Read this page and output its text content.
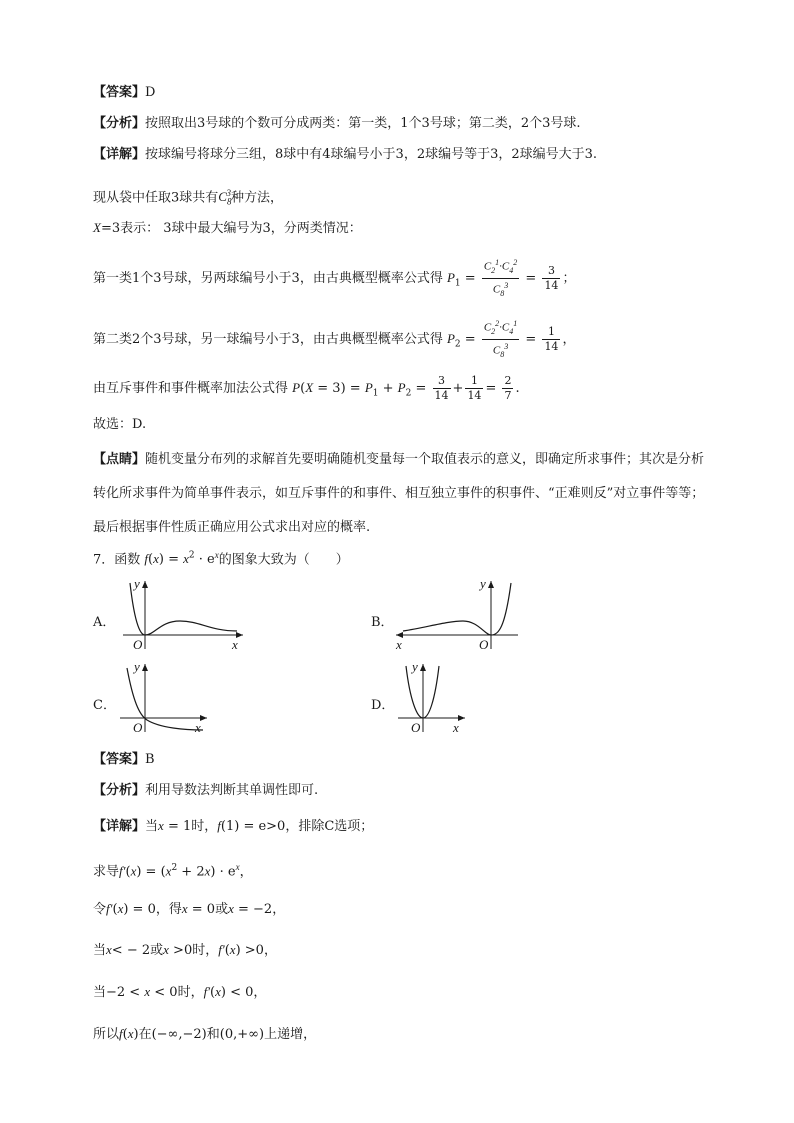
【答案】D
【分析】按照取出3号球的个数可分成两类：第一类，1个3号球；第二类，2个3号球.
【详解】按球编号将球分三组，8球中有4球编号小于3，2球编号等于3，2球编号大于3.
现从袋中任取3球共有$C_8^3$种方法，
X=3表示： 3球中最大编号为3，分两类情况：
第一类1个3号球，另两球编号小于3，由古典概型概率公式得 $P_1 = \frac{C_2^1\cdot C_4^2}{C_8^3} = \frac{3}{14}$ ；
第二类2个3号球，另一球编号小于3，由古典概型概率公式得 $P_2 = \frac{C_2^2\cdot C_4^1}{C_8^3} = \frac{1}{14}$ ，
由互斥事件和事件概率加法公式得 $P(X = 3) = P_1 + P_2 = \frac{3}{14} + \frac{1}{14} = \frac{2}{7}$ .
故选：D.
【点睛】随机变量分布列的求解首先要明确随机变量每一个取值表示的意义，即确定所求事件；其次是分析转化所求事件为简单事件表示，如互斥事件的和事件、相互独立事件的积事件、“正难则反”对立事件等等；最后根据事件性质正确应用公式求出对应的概率.
7．函数 $f(x) = x^2 \cdot e^x$的图象大致为（　　）
A．
y
O	x
B．
y
O
x
C．
y
O	x
D．
y
O	x
【答案】B
【分析】利用导数法判断其单调性即可.
【详解】当x = 1时，f(1) = e>0，排除C选项；
求导$f'(x) = (x^2 + 2x) \cdot e^x$，
令f′(x) = 0，得x = 0或x = −2，
当x< − 2或x >0时，f′(x) >0，
当−2 < x < 0时，f′(x) < 0，
所以f(x)在(−∞,−2)和(0,+∞)上递增，
